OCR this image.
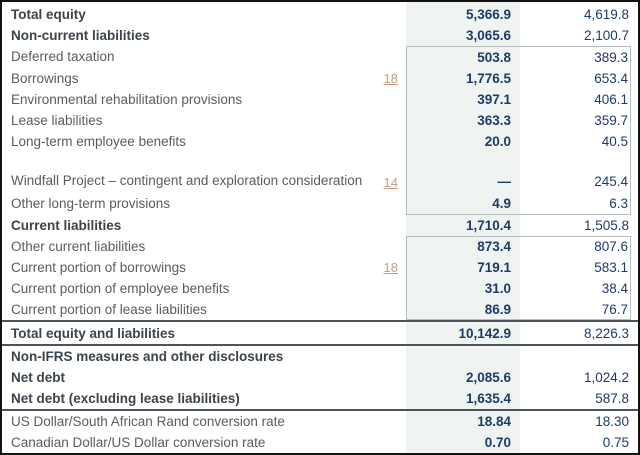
Total equity	5,366.9	4,619.8
Non-current liabilities	3,065.6	2,100.7
Deferred taxation	503.8	389.3
Borrowings	18	1,776.5	653.4
Environmental rehabilitation provisions	397.1	406.1
Lease liabilities	363.3	359.7
Long-term employee benefits	20.0	40.5
Windfall Project – contingent and exploration consideration	14	—	245.4
Other long-term provisions	4.9	6.3
Current liabilities	1,710.4	1,505.8
Other current liabilities	873.4	807.6
Current portion of borrowings	18	719.1	583.1
Current portion of employee benefits	31.0	38.4
Current portion of lease liabilities	86.9	76.7
Total equity and liabilities	10,142.9	8,226.3
Non-IFRS measures and other disclosures
Net debt	2,085.6	1,024.2
Net debt (excluding lease liabilities)	1,635.4	587.8
US Dollar/South African Rand conversion rate	18.84	18.30
Canadian Dollar/US Dollar conversion rate	0.70	0.75
